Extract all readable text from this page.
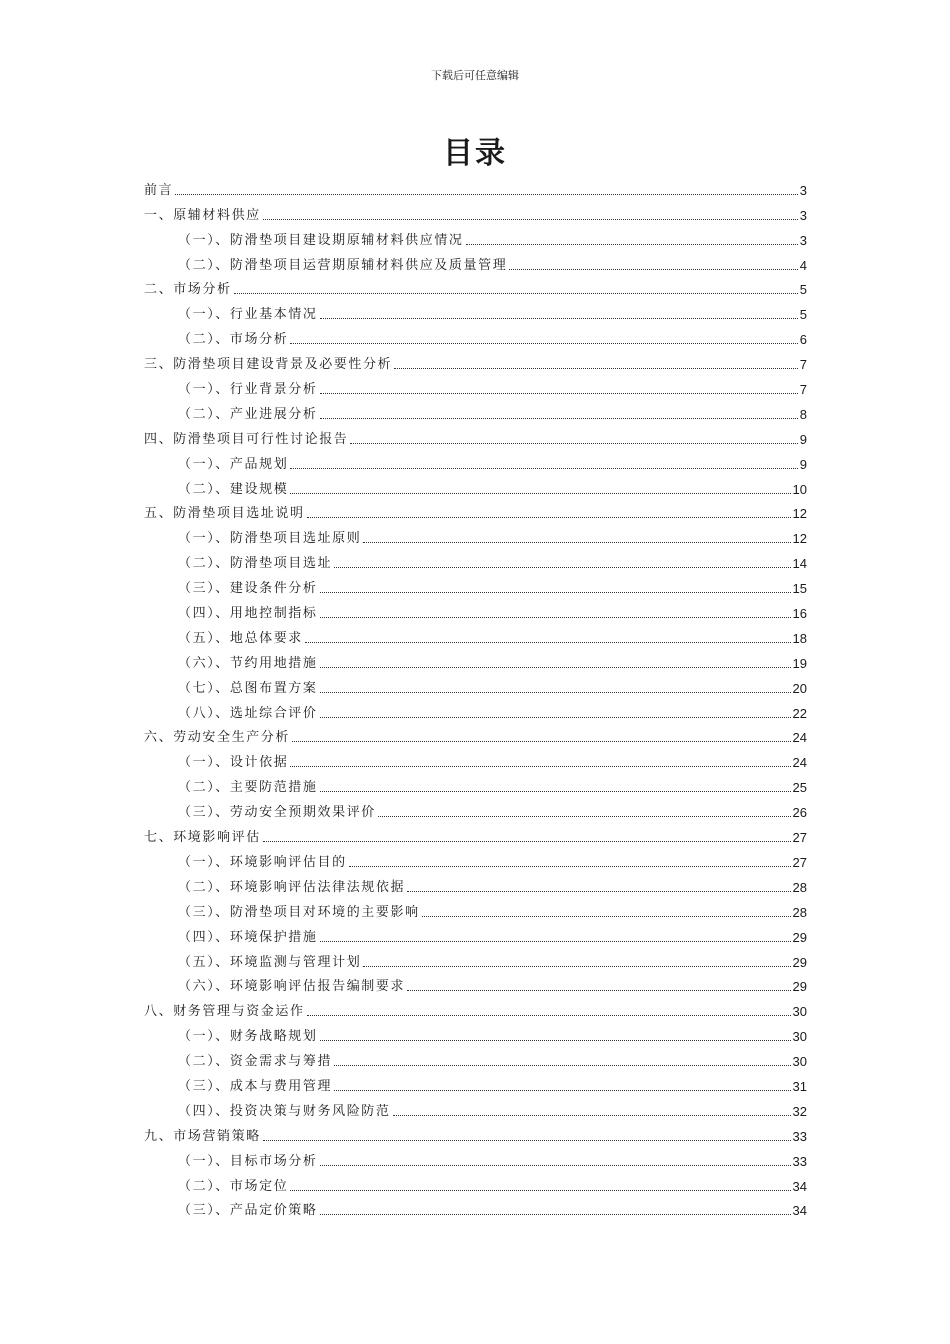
下载后可任意编辑
目录
前言	3
一、原辅材料供应	3
（一）、防滑垫项目建设期原辅材料供应情况	3
（二）、防滑垫项目运营期原辅材料供应及质量管理	4
二、市场分析	5
（一）、行业基本情况	5
（二）、市场分析	6
三、防滑垫项目建设背景及必要性分析	7
（一）、行业背景分析	7
（二）、产业进展分析	8
四、防滑垫项目可行性讨论报告	9
（一）、产品规划	9
（二）、建设规模	10
五、防滑垫项目选址说明	12
（一）、防滑垫项目选址原则	12
（二）、防滑垫项目选址	14
（三）、建设条件分析	15
（四）、用地控制指标	16
（五）、地总体要求	18
（六）、节约用地措施	19
（七）、总图布置方案	20
（八）、选址综合评价	22
六、劳动安全生产分析	24
（一）、设计依据	24
（二）、主要防范措施	25
（三）、劳动安全预期效果评价	26
七、环境影响评估	27
（一）、环境影响评估目的	27
（二）、环境影响评估法律法规依据	28
（三）、防滑垫项目对环境的主要影响	28
（四）、环境保护措施	29
（五）、环境监测与管理计划	29
（六）、环境影响评估报告编制要求	29
八、财务管理与资金运作	30
（一）、财务战略规划	30
（二）、资金需求与筹措	30
（三）、成本与费用管理	31
（四）、投资决策与财务风险防范	32
九、市场营销策略	33
（一）、目标市场分析	33
（二）、市场定位	34
（三）、产品定价策略	34
